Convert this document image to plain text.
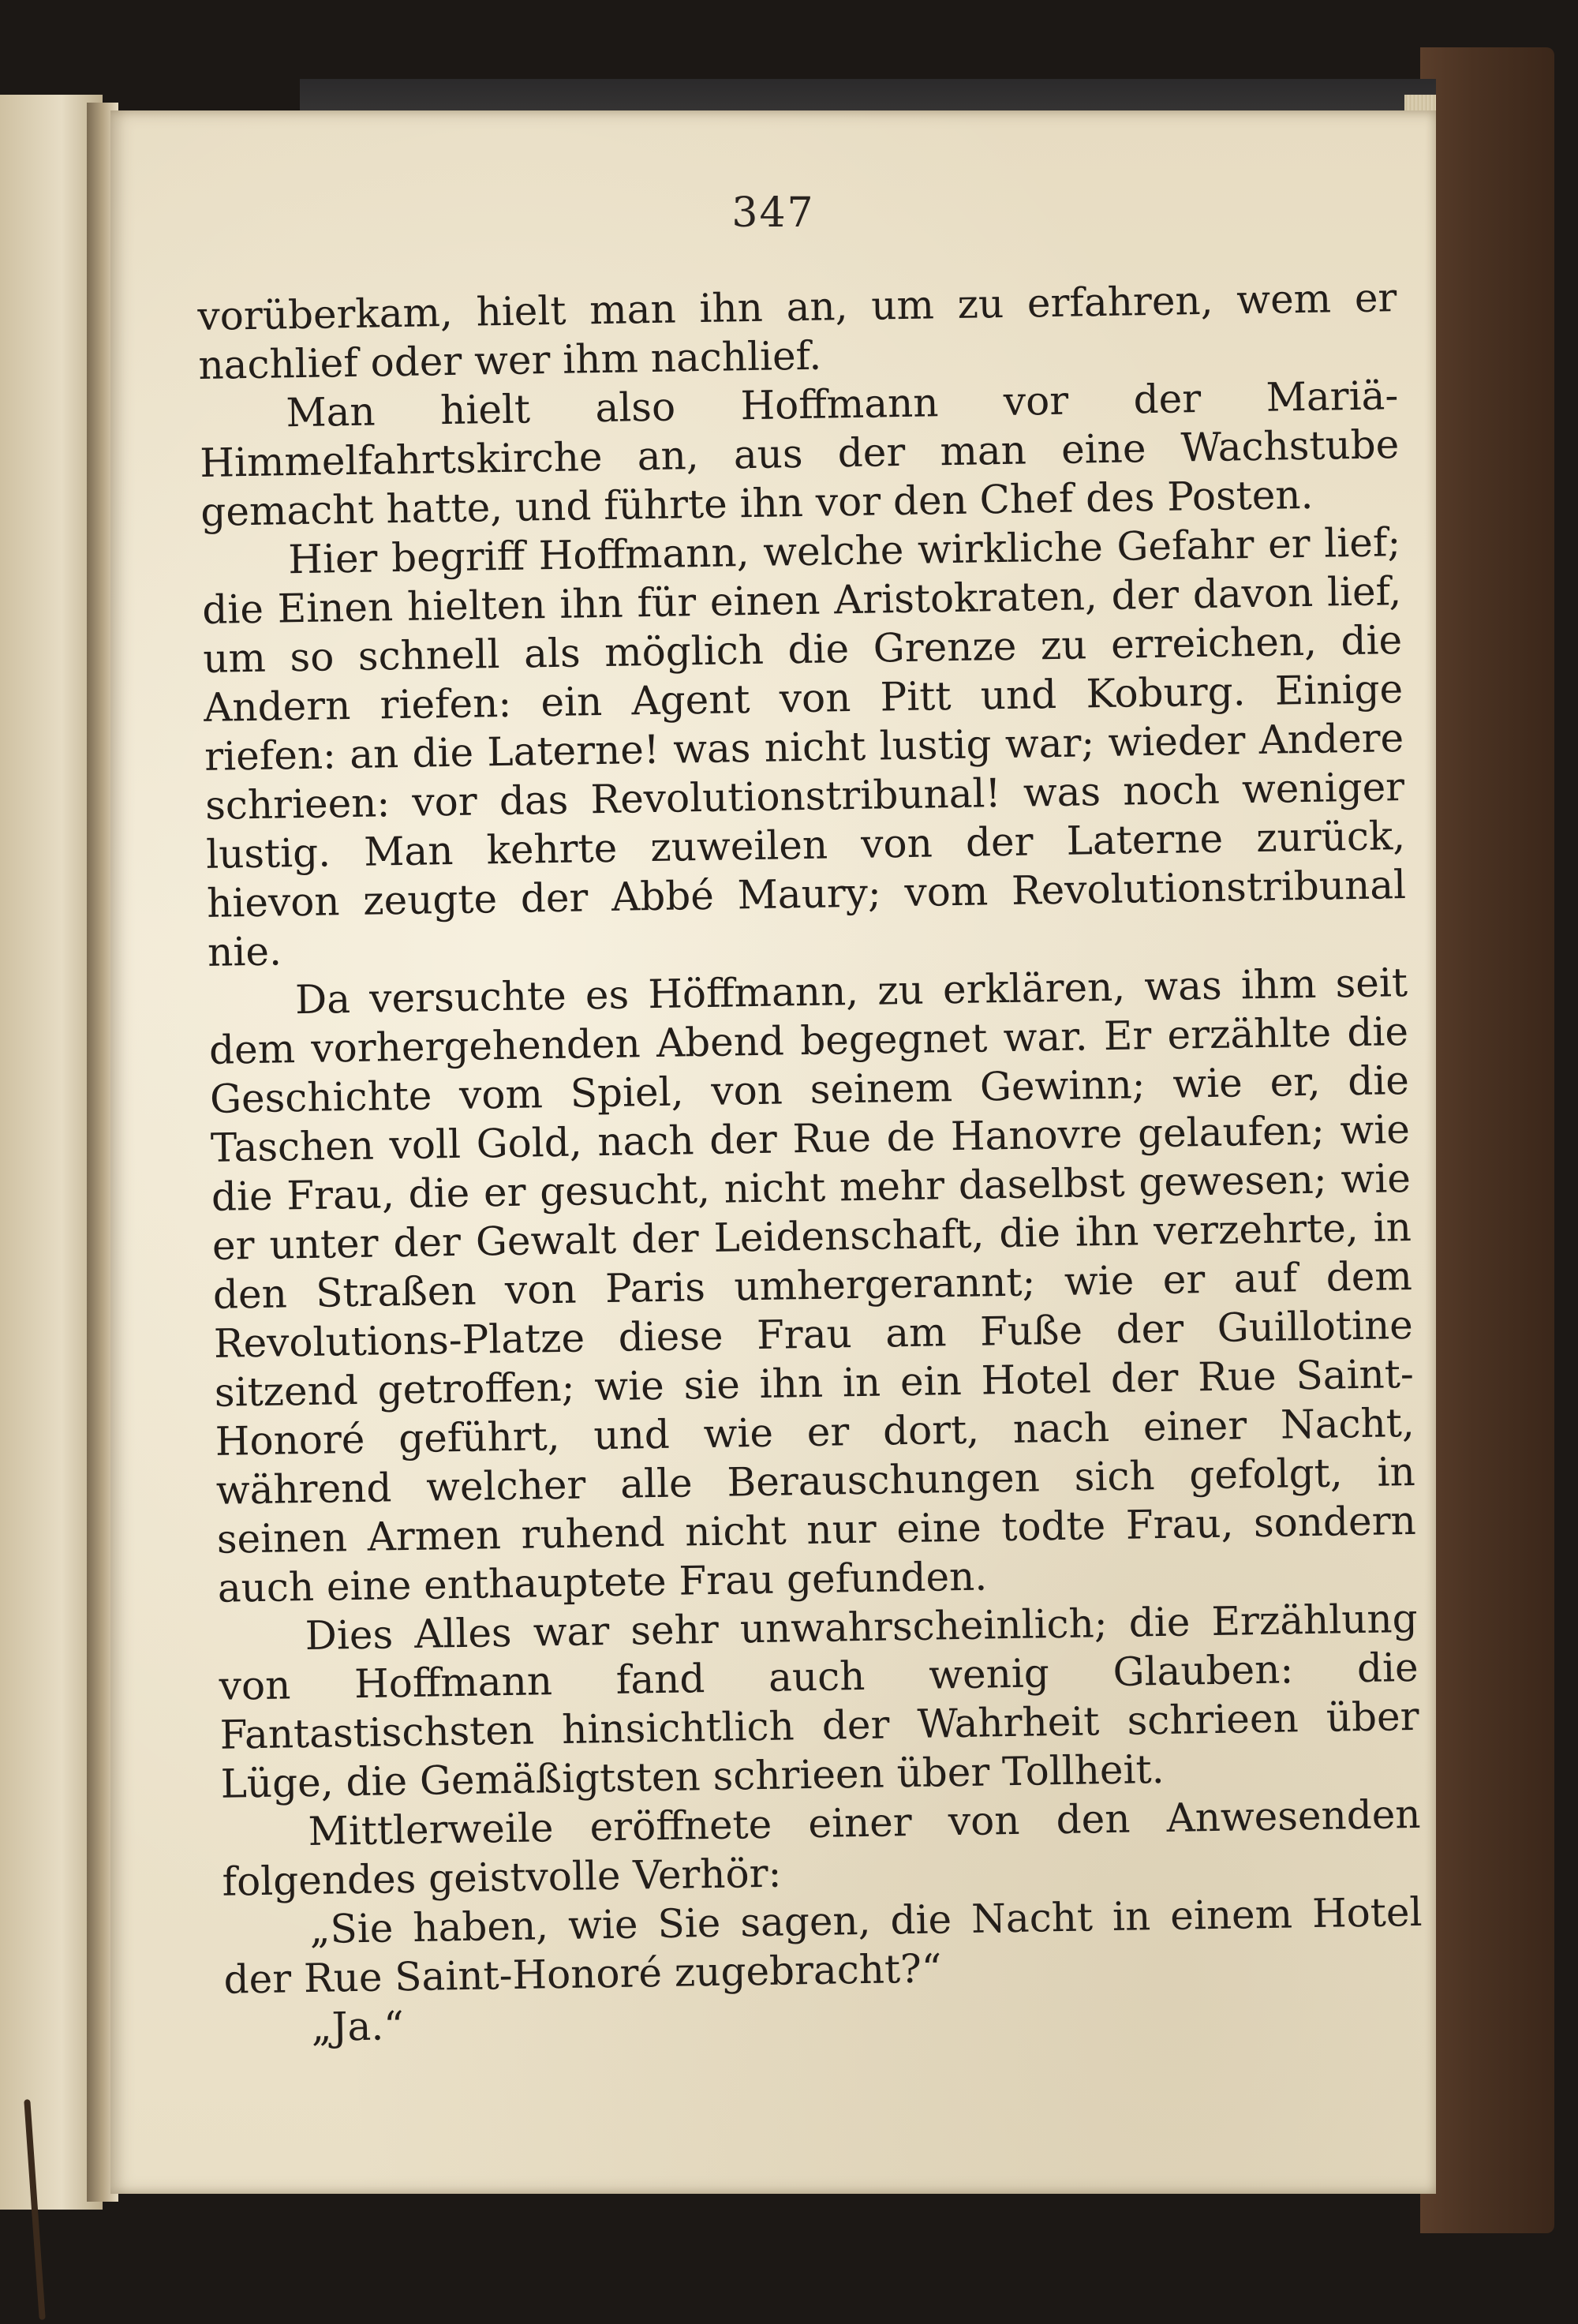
347

vorüberkam, hielt man ihn an, um zu erfahren, wem er nachlief oder wer ihm nachlief.

Man hielt also Hoffmann vor der Mariä-Himmelfahrtskirche an, aus der man eine Wachstube gemacht hatte, und führte ihn vor den Chef des Posten.

Hier begriff Hoffmann, welche wirkliche Gefahr er lief; die Einen hielten ihn für einen Aristokraten, der davon lief, um so schnell als möglich die Grenze zu erreichen, die Andern riefen: ein Agent von Pitt und Koburg. Einige riefen: an die Laterne! was nicht lustig war; wieder Andere schrieen: vor das Revolutionstribunal! was noch weniger lustig. Man kehrte zuweilen von der Laterne zurück, hievon zeugte der Abbé Maury; vom Revolutionstribunal nie.

Da versuchte es Höffmann, zu erklären, was ihm seit dem vorhergehenden Abend begegnet war. Er erzählte die Geschichte vom Spiel, von seinem Gewinn; wie er, die Taschen voll Gold, nach der Rue de Hanovre gelaufen; wie die Frau, die er gesucht, nicht mehr daselbst gewesen; wie er unter der Gewalt der Leidenschaft, die ihn verzehrte, in den Straßen von Paris umhergerannt; wie er auf dem Revolutions-Platze diese Frau am Fuße der Guillotine sitzend getroffen; wie sie ihn in ein Hotel der Rue Saint-Honoré geführt, und wie er dort, nach einer Nacht, während welcher alle Berauschungen sich gefolgt, in seinen Armen ruhend nicht nur eine todte Frau, sondern auch eine enthauptete Frau gefunden.

Dies Alles war sehr unwahrscheinlich; die Erzählung von Hoffmann fand auch wenig Glauben: die Fantastischsten hinsichtlich der Wahrheit schrieen über Lüge, die Gemäßigtsten schrieen über Tollheit.

Mittlerweile eröffnete einer von den Anwesenden folgendes geistvolle Verhör:

„Sie haben, wie Sie sagen, die Nacht in einem Hotel der Rue Saint-Honoré zugebracht?“

„Ja.“
